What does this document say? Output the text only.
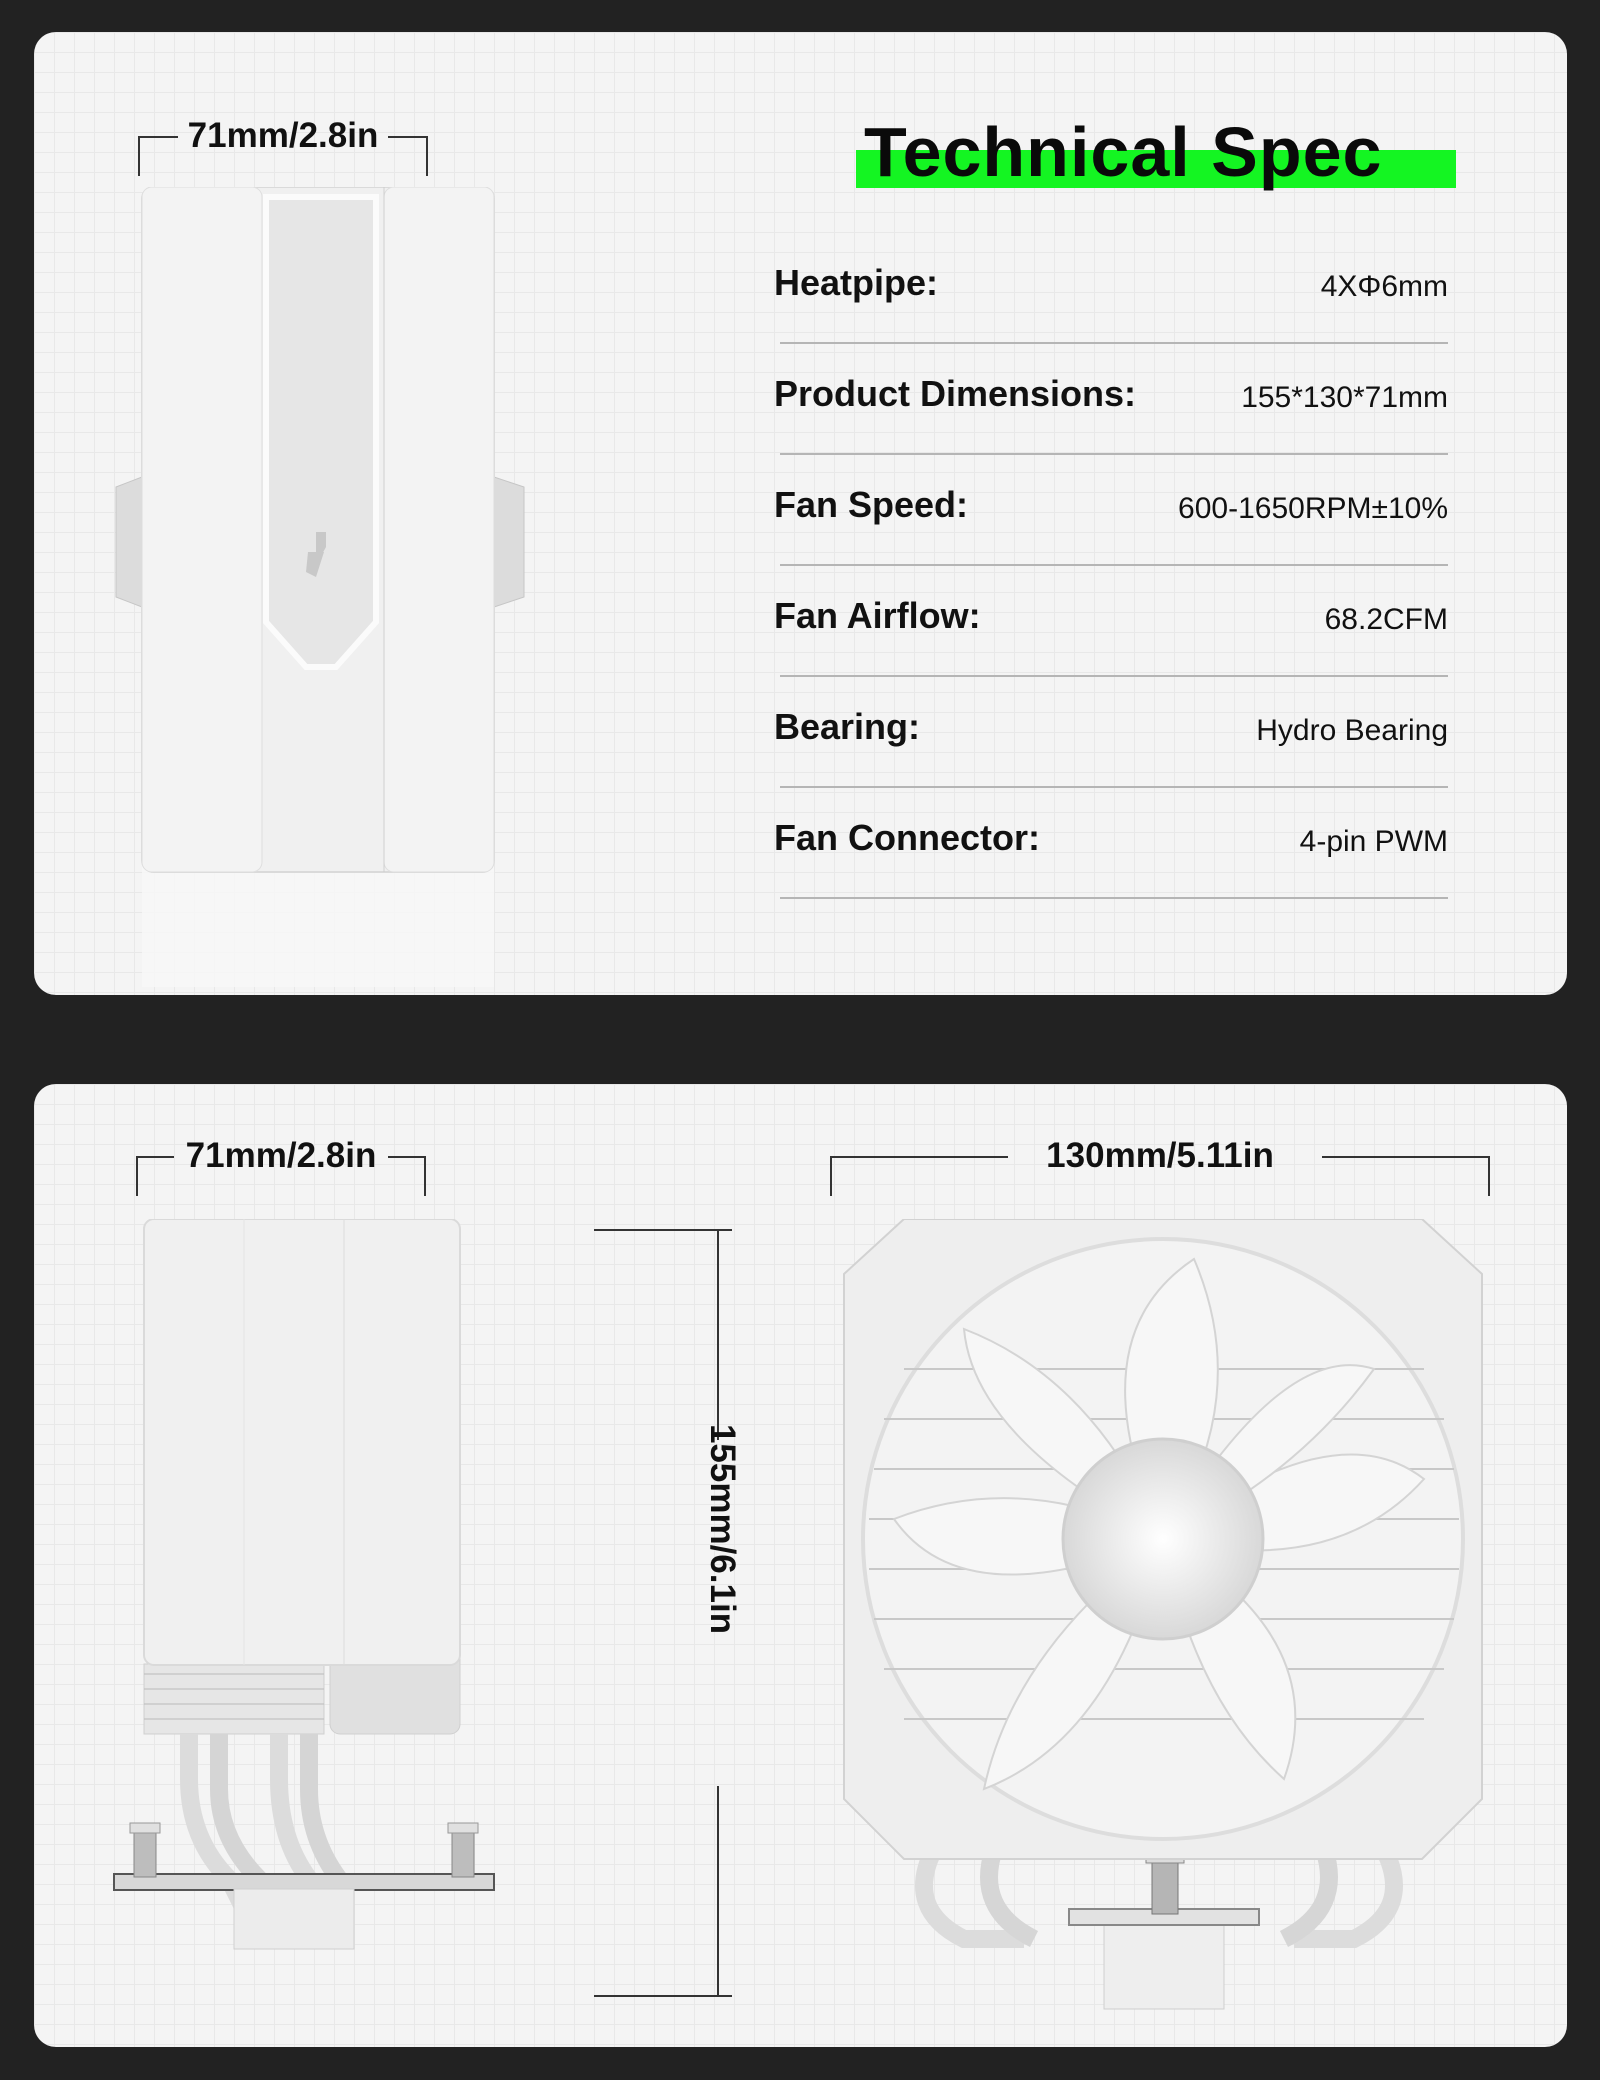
71mm/2.8in	Technical Spec
Heatpipe:	4XΦ6mm
Product Dimensions:	155*130*71mm
Fan Speed:	600-1650RPM±10%
Fan Airflow:	68.2CFM
Bearing:	Hydro Bearing
Fan Connector:	4-pin PWM
71mm/2.8in	130mm/5.11in
155mm/6.1in
